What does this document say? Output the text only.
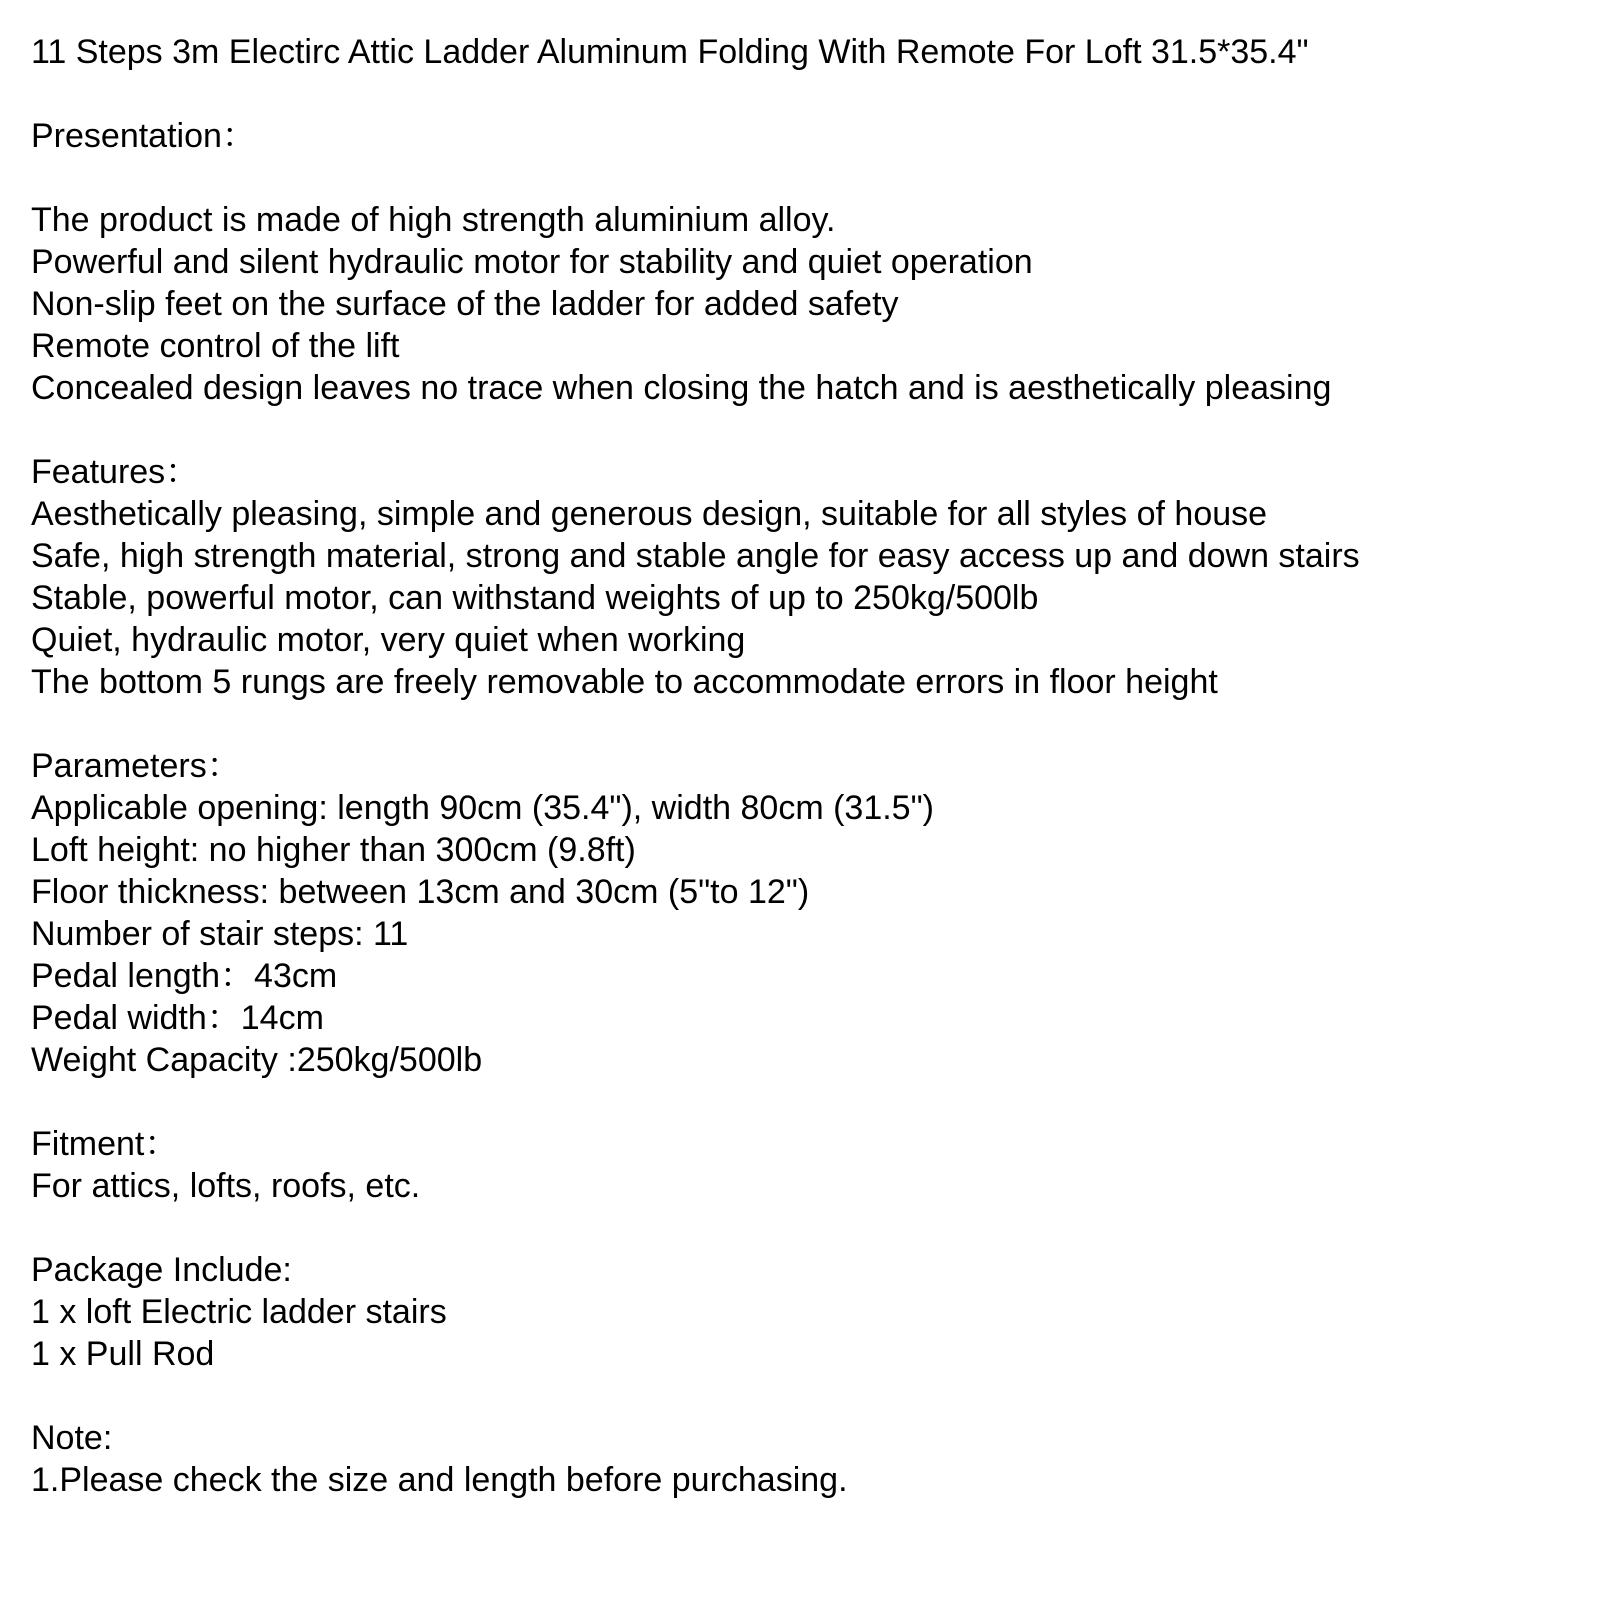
11 Steps 3m Electirc Attic Ladder Aluminum Folding With Remote For Loft 31.5*35.4"
Presentation：
The product is made of high strength aluminium alloy.
Powerful and silent hydraulic motor for stability and quiet operation
Non-slip feet on the surface of the ladder for added safety
Remote control of the lift
Concealed design leaves no trace when closing the hatch and is aesthetically pleasing
Features：
Aesthetically pleasing, simple and generous design, suitable for all styles of house
Safe, high strength material, strong and stable angle for easy access up and down stairs
Stable, powerful motor, can withstand weights of up to 250kg/500lb
Quiet, hydraulic motor, very quiet when working
The bottom 5 rungs are freely removable to accommodate errors in floor height
Parameters：
Applicable opening: length 90cm (35.4"), width 80cm (31.5")
Loft height: no higher than 300cm (9.8ft)
Floor thickness: between 13cm and 30cm (5"to 12")
Number of stair steps: 11
Pedal length：43cm
Pedal width：14cm
Weight Capacity :250kg/500lb
Fitment：
For attics, lofts, roofs, etc.
Package Include:
1 x loft Electric ladder stairs
1 x Pull Rod
Note:
1.Please check the size and length before purchasing.
